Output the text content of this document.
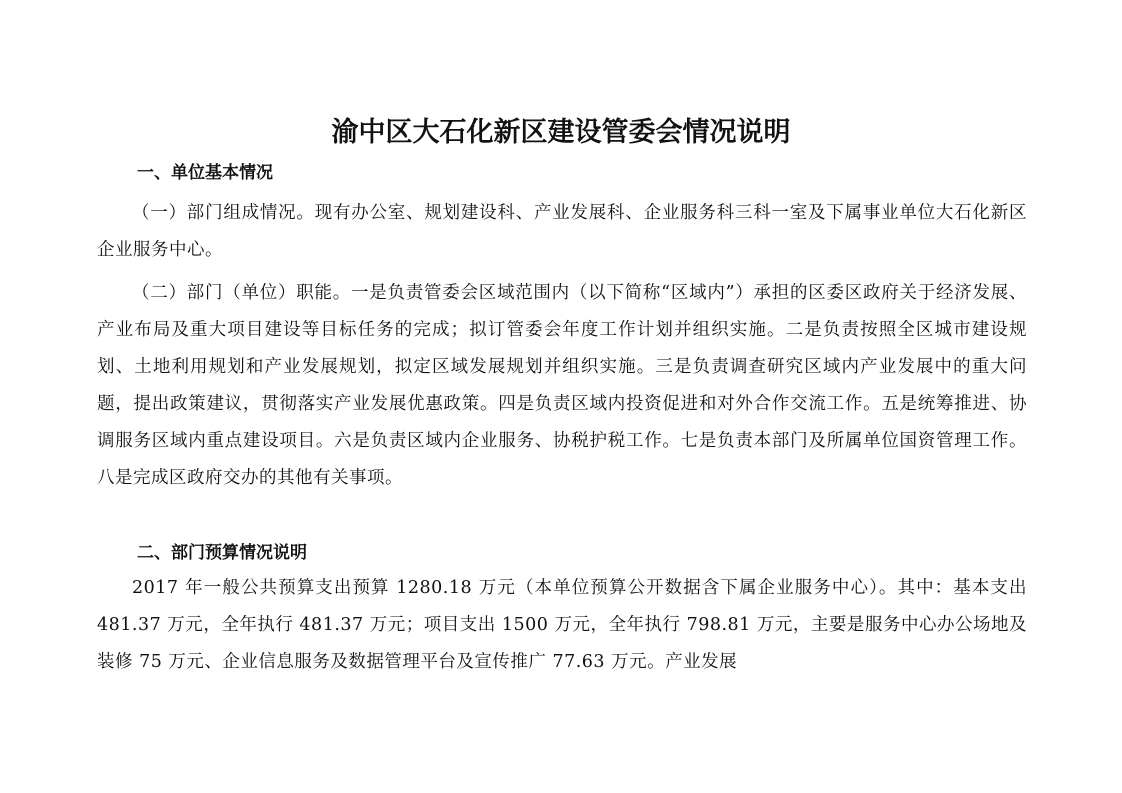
渝中区大石化新区建设管委会情况说明
一、单位基本情况
（一）部门组成情况。现有办公室、规划建设科、产业发展科、企业服务科三科一室及下属事业单位大石化新区企业服务中心。
（二）部门（单位）职能。一是负责管委会区域范围内（以下简称“区域内”）承担的区委区政府关于经济发展、产业布局及重大项目建设等目标任务的完成；拟订管委会年度工作计划并组织实施。二是负责按照全区城市建设规划、土地利用规划和产业发展规划，拟定区域发展规划并组织实施。三是负责调查研究区域内产业发展中的重大问题，提出政策建议，贯彻落实产业发展优惠政策。四是负责区域内投资促进和对外合作交流工作。五是统筹推进、协调服务区域内重点建设项目。六是负责区域内企业服务、协税护税工作。七是负责本部门及所属单位国资管理工作。八是完成区政府交办的其他有关事项。
二、部门预算情况说明
2017 年一般公共预算支出预算 1280.18 万元（本单位预算公开数据含下属企业服务中心）。其中：基本支出 481.37 万元，全年执行 481.37 万元；项目支出 1500 万元，全年执行 798.81 万元，主要是服务中心办公场地及装修 75 万元、企业信息服务及数据管理平台及宣传推广 77.63 万元。产业发展
